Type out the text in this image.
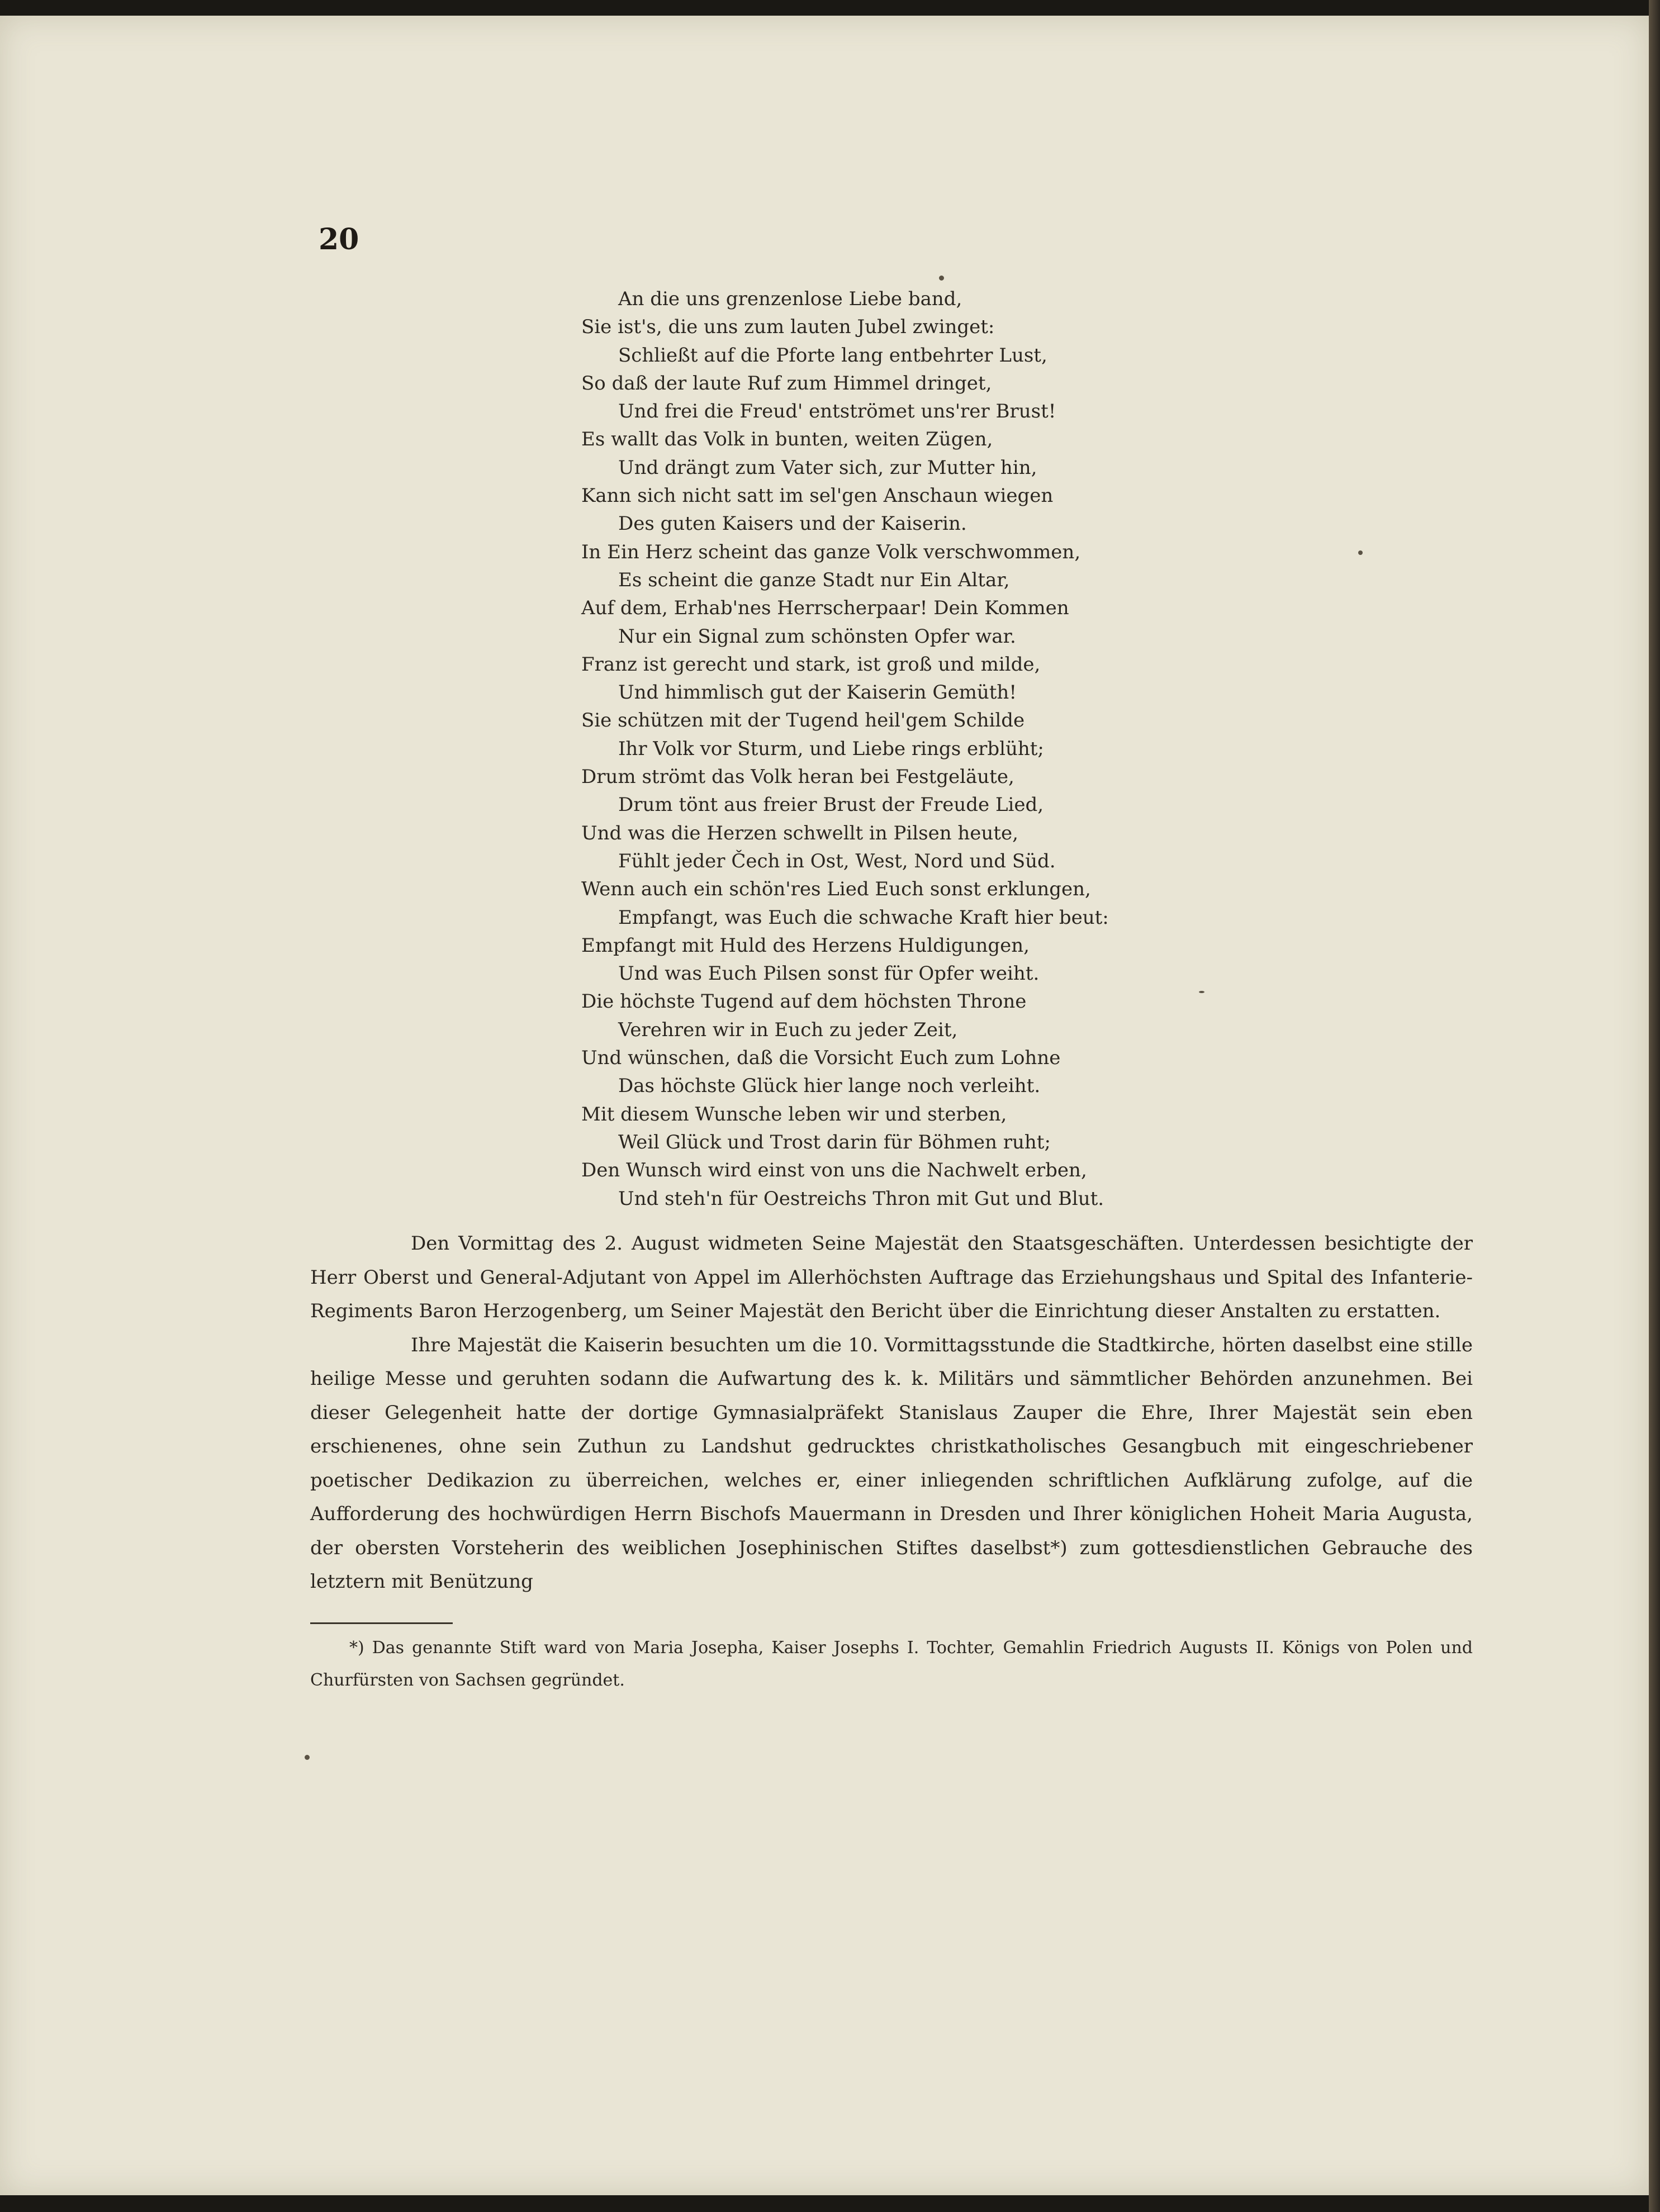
20
An die uns grenzenlose Liebe band,
Sie ist's, die uns zum lauten Jubel zwinget:
Schließt auf die Pforte lang entbehrter Lust,
So daß der laute Ruf zum Himmel dringet,
Und frei die Freud' entströmet uns'rer Brust!
Es wallt das Volk in bunten, weiten Zügen,
Und drängt zum Vater sich, zur Mutter hin,
Kann sich nicht satt im sel'gen Anschaun wiegen
Des guten Kaisers und der Kaiserin.
In Ein Herz scheint das ganze Volk verschwommen,
Es scheint die ganze Stadt nur Ein Altar,
Auf dem, Erhab'nes Herrscherpaar! Dein Kommen
Nur ein Signal zum schönsten Opfer war.
Franz ist gerecht und stark, ist groß und milde,
Und himmlisch gut der Kaiserin Gemüth!
Sie schützen mit der Tugend heil'gem Schilde
Ihr Volk vor Sturm, und Liebe rings erblüht;
Drum strömt das Volk heran bei Festgeläute,
Drum tönt aus freier Brust der Freude Lied,
Und was die Herzen schwellt in Pilsen heute,
Fühlt jeder Čech in Ost, West, Nord und Süd.
Wenn auch ein schön'res Lied Euch sonst erklungen,
Empfangt, was Euch die schwache Kraft hier beut:
Empfangt mit Huld des Herzens Huldigungen,
Und was Euch Pilsen sonst für Opfer weiht.
Die höchste Tugend auf dem höchsten Throne
Verehren wir in Euch zu jeder Zeit,
Und wünschen, daß die Vorsicht Euch zum Lohne
Das höchste Glück hier lange noch verleiht.
Mit diesem Wunsche leben wir und sterben,
Weil Glück und Trost darin für Böhmen ruht;
Den Wunsch wird einst von uns die Nachwelt erben,
Und steh'n für Oestreichs Thron mit Gut und Blut.

Den Vormittag des 2. August widmeten Seine Majestät den Staatsgeschäften. Unterdessen besichtigte der Herr Oberst und General-Adjutant von Appel im Allerhöchsten Auftrage das Erziehungshaus und Spital des Infanterie-Regiments Baron Herzogenberg, um Seiner Majestät den Bericht über die Einrichtung dieser Anstalten zu erstatten.

Ihre Majestät die Kaiserin besuchten um die 10. Vormittagsstunde die Stadtkirche, hörten daselbst eine stille heilige Messe und geruhten sodann die Aufwartung des k. k. Militärs und sämmtlicher Behörden anzunehmen. Bei dieser Gelegenheit hatte der dortige Gymnasialpräfekt Stanislaus Zauper die Ehre, Ihrer Majestät sein eben erschienenes, ohne sein Zuthun zu Landshut gedrucktes christkatholisches Gesangbuch mit eingeschriebener poetischer Dedikazion zu überreichen, welches er, einer inliegenden schriftlichen Aufklärung zufolge, auf die Aufforderung des hochwürdigen Herrn Bischofs Mauermann in Dresden und Ihrer königlichen Hoheit Maria Augusta, der obersten Vorsteherin des weiblichen Josephinischen Stiftes daselbst*) zum gottesdienstlichen Gebrauche des letztern mit Benützung

*) Das genannte Stift ward von Maria Josepha, Kaiser Josephs I. Tochter, Gemahlin Friedrich Augusts II. Königs von Polen und Churfürsten von Sachsen gegründet.
